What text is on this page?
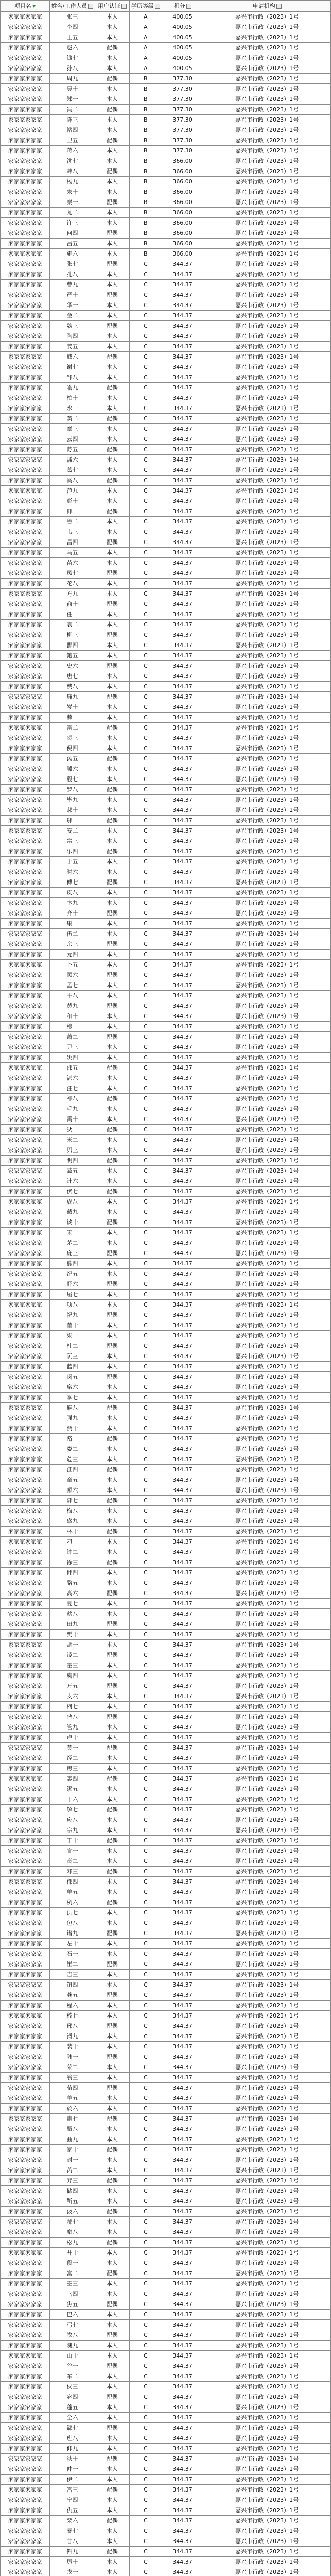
项目名	姓名/工作人员	用户认证	学历等级	积分	申请机构
家家家家家家	张三	本人	A	400.05	嘉兴市行政（2023）1号
家家家家家家	李四	本人	A	400.05	嘉兴市行政（2023）1号
家家家家家家	王五	本人	A	400.05	嘉兴市行政（2023）1号
家家家家家家	赵六	配偶	A	400.05	嘉兴市行政（2023）1号
家家家家家家	钱七	本人	A	400.05	嘉兴市行政（2023）1号
家家家家家家	孙八	本人	A	400.05	嘉兴市行政（2023）1号
家家家家家家	周九	配偶	B	377.30	嘉兴市行政（2023）1号
家家家家家家	吴十	本人	B	377.30	嘉兴市行政（2023）1号
家家家家家家	郑一	本人	B	377.30	嘉兴市行政（2023）1号
家家家家家家	冯二	配偶	B	377.30	嘉兴市行政（2023）1号
家家家家家家	陈三	本人	B	377.30	嘉兴市行政（2023）1号
家家家家家家	褚四	本人	B	377.30	嘉兴市行政（2023）1号
家家家家家家	卫五	配偶	B	377.30	嘉兴市行政（2023）1号
家家家家家家	蒋六	本人	B	377.30	嘉兴市行政（2023）1号
家家家家家家	沈七	本人	B	366.00	嘉兴市行政（2023）1号
家家家家家家	韩八	配偶	B	366.00	嘉兴市行政（2023）1号
家家家家家家	杨九	本人	B	366.00	嘉兴市行政（2023）1号
家家家家家家	朱十	本人	B	366.00	嘉兴市行政（2023）1号
家家家家家家	秦一	配偶	B	366.00	嘉兴市行政（2023）1号
家家家家家家	尤二	本人	B	366.00	嘉兴市行政（2023）1号
家家家家家家	许三	本人	B	366.00	嘉兴市行政（2023）1号
家家家家家家	何四	配偶	B	366.00	嘉兴市行政（2023）1号
家家家家家家	吕五	本人	B	366.00	嘉兴市行政（2023）1号
家家家家家家	施六	本人	B	366.00	嘉兴市行政（2023）1号
家家家家家家	张七	配偶	C	344.37	嘉兴市行政（2023）1号
家家家家家家	孔八	本人	C	344.37	嘉兴市行政（2023）1号
家家家家家家	曹九	本人	C	344.37	嘉兴市行政（2023）1号
家家家家家家	严十	配偶	C	344.37	嘉兴市行政（2023）1号
家家家家家家	华一	本人	C	344.37	嘉兴市行政（2023）1号
家家家家家家	金二	本人	C	344.37	嘉兴市行政（2023）1号
家家家家家家	魏三	配偶	C	344.37	嘉兴市行政（2023）1号
家家家家家家	陶四	本人	C	344.37	嘉兴市行政（2023）1号
家家家家家家	姜五	本人	C	344.37	嘉兴市行政（2023）1号
家家家家家家	戚六	配偶	C	344.37	嘉兴市行政（2023）1号
家家家家家家	谢七	本人	C	344.37	嘉兴市行政（2023）1号
家家家家家家	邹八	本人	C	344.37	嘉兴市行政（2023）1号
家家家家家家	喻九	配偶	C	344.37	嘉兴市行政（2023）1号
家家家家家家	柏十	本人	C	344.37	嘉兴市行政（2023）1号
家家家家家家	水一	本人	C	344.37	嘉兴市行政（2023）1号
家家家家家家	窦二	配偶	C	344.37	嘉兴市行政（2023）1号
家家家家家家	章三	本人	C	344.37	嘉兴市行政（2023）1号
家家家家家家	云四	本人	C	344.37	嘉兴市行政（2023）1号
家家家家家家	苏五	配偶	C	344.37	嘉兴市行政（2023）1号
家家家家家家	潘六	本人	C	344.37	嘉兴市行政（2023）1号
家家家家家家	葛七	本人	C	344.37	嘉兴市行政（2023）1号
家家家家家家	奚八	配偶	C	344.37	嘉兴市行政（2023）1号
家家家家家家	范九	本人	C	344.37	嘉兴市行政（2023）1号
家家家家家家	彭十	本人	C	344.37	嘉兴市行政（2023）1号
家家家家家家	郎一	配偶	C	344.37	嘉兴市行政（2023）1号
家家家家家家	鲁二	本人	C	344.37	嘉兴市行政（2023）1号
家家家家家家	韦三	本人	C	344.37	嘉兴市行政（2023）1号
家家家家家家	昌四	配偶	C	344.37	嘉兴市行政（2023）1号
家家家家家家	马五	本人	C	344.37	嘉兴市行政（2023）1号
家家家家家家	苗六	本人	C	344.37	嘉兴市行政（2023）1号
家家家家家家	凤七	配偶	C	344.37	嘉兴市行政（2023）1号
家家家家家家	花八	本人	C	344.37	嘉兴市行政（2023）1号
家家家家家家	方九	本人	C	344.37	嘉兴市行政（2023）1号
家家家家家家	俞十	配偶	C	344.37	嘉兴市行政（2023）1号
家家家家家家	任一	本人	C	344.37	嘉兴市行政（2023）1号
家家家家家家	袁二	本人	C	344.37	嘉兴市行政（2023）1号
家家家家家家	柳三	配偶	C	344.37	嘉兴市行政（2023）1号
家家家家家家	酆四	本人	C	344.37	嘉兴市行政（2023）1号
家家家家家家	鲍五	本人	C	344.37	嘉兴市行政（2023）1号
家家家家家家	史六	配偶	C	344.37	嘉兴市行政（2023）1号
家家家家家家	唐七	本人	C	344.37	嘉兴市行政（2023）1号
家家家家家家	费八	本人	C	344.37	嘉兴市行政（2023）1号
家家家家家家	廉九	配偶	C	344.37	嘉兴市行政（2023）1号
家家家家家家	岑十	本人	C	344.37	嘉兴市行政（2023）1号
家家家家家家	薛一	本人	C	344.37	嘉兴市行政（2023）1号
家家家家家家	雷二	配偶	C	344.37	嘉兴市行政（2023）1号
家家家家家家	贺三	本人	C	344.37	嘉兴市行政（2023）1号
家家家家家家	倪四	本人	C	344.37	嘉兴市行政（2023）1号
家家家家家家	汤五	配偶	C	344.37	嘉兴市行政（2023）1号
家家家家家家	滕六	本人	C	344.37	嘉兴市行政（2023）1号
家家家家家家	殷七	本人	C	344.37	嘉兴市行政（2023）1号
家家家家家家	罗八	配偶	C	344.37	嘉兴市行政（2023）1号
家家家家家家	毕九	本人	C	344.37	嘉兴市行政（2023）1号
家家家家家家	郝十	本人	C	344.37	嘉兴市行政（2023）1号
家家家家家家	邬一	配偶	C	344.37	嘉兴市行政（2023）1号
家家家家家家	安二	本人	C	344.37	嘉兴市行政（2023）1号
家家家家家家	常三	本人	C	344.37	嘉兴市行政（2023）1号
家家家家家家	乐四	配偶	C	344.37	嘉兴市行政（2023）1号
家家家家家家	于五	本人	C	344.37	嘉兴市行政（2023）1号
家家家家家家	时六	本人	C	344.37	嘉兴市行政（2023）1号
家家家家家家	傅七	配偶	C	344.37	嘉兴市行政（2023）1号
家家家家家家	皮八	本人	C	344.37	嘉兴市行政（2023）1号
家家家家家家	卞九	本人	C	344.37	嘉兴市行政（2023）1号
家家家家家家	齐十	配偶	C	344.37	嘉兴市行政（2023）1号
家家家家家家	康一	本人	C	344.37	嘉兴市行政（2023）1号
家家家家家家	伍二	本人	C	344.37	嘉兴市行政（2023）1号
家家家家家家	余三	配偶	C	344.37	嘉兴市行政（2023）1号
家家家家家家	元四	本人	C	344.37	嘉兴市行政（2023）1号
家家家家家家	卜五	本人	C	344.37	嘉兴市行政（2023）1号
家家家家家家	顾六	配偶	C	344.37	嘉兴市行政（2023）1号
家家家家家家	孟七	本人	C	344.37	嘉兴市行政（2023）1号
家家家家家家	平八	本人	C	344.37	嘉兴市行政（2023）1号
家家家家家家	黄九	配偶	C	344.37	嘉兴市行政（2023）1号
家家家家家家	和十	本人	C	344.37	嘉兴市行政（2023）1号
家家家家家家	穆一	本人	C	344.37	嘉兴市行政（2023）1号
家家家家家家	萧二	配偶	C	344.37	嘉兴市行政（2023）1号
家家家家家家	尹三	本人	C	344.37	嘉兴市行政（2023）1号
家家家家家家	姚四	本人	C	344.37	嘉兴市行政（2023）1号
家家家家家家	邵五	配偶	C	344.37	嘉兴市行政（2023）1号
家家家家家家	湛六	本人	C	344.37	嘉兴市行政（2023）1号
家家家家家家	汪七	本人	C	344.37	嘉兴市行政（2023）1号
家家家家家家	祁八	配偶	C	344.37	嘉兴市行政（2023）1号
家家家家家家	毛九	本人	C	344.37	嘉兴市行政（2023）1号
家家家家家家	禹十	本人	C	344.37	嘉兴市行政（2023）1号
家家家家家家	狄一	配偶	C	344.37	嘉兴市行政（2023）1号
家家家家家家	米二	本人	C	344.37	嘉兴市行政（2023）1号
家家家家家家	贝三	本人	C	344.37	嘉兴市行政（2023）1号
家家家家家家	明四	配偶	C	344.37	嘉兴市行政（2023）1号
家家家家家家	臧五	本人	C	344.37	嘉兴市行政（2023）1号
家家家家家家	计六	本人	C	344.37	嘉兴市行政（2023）1号
家家家家家家	伏七	配偶	C	344.37	嘉兴市行政（2023）1号
家家家家家家	成八	本人	C	344.37	嘉兴市行政（2023）1号
家家家家家家	戴九	本人	C	344.37	嘉兴市行政（2023）1号
家家家家家家	谈十	配偶	C	344.37	嘉兴市行政（2023）1号
家家家家家家	宋一	本人	C	344.37	嘉兴市行政（2023）1号
家家家家家家	茅二	本人	C	344.37	嘉兴市行政（2023）1号
家家家家家家	庞三	配偶	C	344.37	嘉兴市行政（2023）1号
家家家家家家	熊四	本人	C	344.37	嘉兴市行政（2023）1号
家家家家家家	纪五	本人	C	344.37	嘉兴市行政（2023）1号
家家家家家家	舒六	配偶	C	344.37	嘉兴市行政（2023）1号
家家家家家家	屈七	本人	C	344.37	嘉兴市行政（2023）1号
家家家家家家	项八	本人	C	344.37	嘉兴市行政（2023）1号
家家家家家家	祝九	配偶	C	344.37	嘉兴市行政（2023）1号
家家家家家家	董十	本人	C	344.37	嘉兴市行政（2023）1号
家家家家家家	梁一	本人	C	344.37	嘉兴市行政（2023）1号
家家家家家家	杜二	配偶	C	344.37	嘉兴市行政（2023）1号
家家家家家家	阮三	本人	C	344.37	嘉兴市行政（2023）1号
家家家家家家	蓝四	本人	C	344.37	嘉兴市行政（2023）1号
家家家家家家	闵五	配偶	C	344.37	嘉兴市行政（2023）1号
家家家家家家	席六	本人	C	344.37	嘉兴市行政（2023）1号
家家家家家家	季七	本人	C	344.37	嘉兴市行政（2023）1号
家家家家家家	麻八	配偶	C	344.37	嘉兴市行政（2023）1号
家家家家家家	强九	本人	C	344.37	嘉兴市行政（2023）1号
家家家家家家	贾十	本人	C	344.37	嘉兴市行政（2023）1号
家家家家家家	路一	配偶	C	344.37	嘉兴市行政（2023）1号
家家家家家家	娄二	本人	C	344.37	嘉兴市行政（2023）1号
家家家家家家	危三	本人	C	344.37	嘉兴市行政（2023）1号
家家家家家家	江四	配偶	C	344.37	嘉兴市行政（2023）1号
家家家家家家	童五	本人	C	344.37	嘉兴市行政（2023）1号
家家家家家家	颜六	本人	C	344.37	嘉兴市行政（2023）1号
家家家家家家	郭七	配偶	C	344.37	嘉兴市行政（2023）1号
家家家家家家	梅八	本人	C	344.37	嘉兴市行政（2023）1号
家家家家家家	盛九	本人	C	344.37	嘉兴市行政（2023）1号
家家家家家家	林十	配偶	C	344.37	嘉兴市行政（2023）1号
家家家家家家	刁一	本人	C	344.37	嘉兴市行政（2023）1号
家家家家家家	钟二	本人	C	344.37	嘉兴市行政（2023）1号
家家家家家家	徐三	配偶	C	344.37	嘉兴市行政（2023）1号
家家家家家家	邱四	本人	C	344.37	嘉兴市行政（2023）1号
家家家家家家	骆五	本人	C	344.37	嘉兴市行政（2023）1号
家家家家家家	高六	配偶	C	344.37	嘉兴市行政（2023）1号
家家家家家家	夏七	本人	C	344.37	嘉兴市行政（2023）1号
家家家家家家	蔡八	本人	C	344.37	嘉兴市行政（2023）1号
家家家家家家	田九	配偶	C	344.37	嘉兴市行政（2023）1号
家家家家家家	樊十	本人	C	344.37	嘉兴市行政（2023）1号
家家家家家家	胡一	本人	C	344.37	嘉兴市行政（2023）1号
家家家家家家	凌二	配偶	C	344.37	嘉兴市行政（2023）1号
家家家家家家	霍三	本人	C	344.37	嘉兴市行政（2023）1号
家家家家家家	虞四	本人	C	344.37	嘉兴市行政（2023）1号
家家家家家家	万五	配偶	C	344.37	嘉兴市行政（2023）1号
家家家家家家	支六	本人	C	344.37	嘉兴市行政（2023）1号
家家家家家家	柯七	本人	C	344.37	嘉兴市行政（2023）1号
家家家家家家	昝八	配偶	C	344.37	嘉兴市行政（2023）1号
家家家家家家	管九	本人	C	344.37	嘉兴市行政（2023）1号
家家家家家家	卢十	本人	C	344.37	嘉兴市行政（2023）1号
家家家家家家	莫一	配偶	C	344.37	嘉兴市行政（2023）1号
家家家家家家	经二	本人	C	344.37	嘉兴市行政（2023）1号
家家家家家家	房三	本人	C	344.37	嘉兴市行政（2023）1号
家家家家家家	裘四	配偶	C	344.37	嘉兴市行政（2023）1号
家家家家家家	缪五	本人	C	344.37	嘉兴市行政（2023）1号
家家家家家家	干六	本人	C	344.37	嘉兴市行政（2023）1号
家家家家家家	解七	配偶	C	344.37	嘉兴市行政（2023）1号
家家家家家家	应八	本人	C	344.37	嘉兴市行政（2023）1号
家家家家家家	宗九	本人	C	344.37	嘉兴市行政（2023）1号
家家家家家家	丁十	配偶	C	344.37	嘉兴市行政（2023）1号
家家家家家家	宣一	本人	C	344.37	嘉兴市行政（2023）1号
家家家家家家	贲二	本人	C	344.37	嘉兴市行政（2023）1号
家家家家家家	邓三	配偶	C	344.37	嘉兴市行政（2023）1号
家家家家家家	郁四	本人	C	344.37	嘉兴市行政（2023）1号
家家家家家家	单五	本人	C	344.37	嘉兴市行政（2023）1号
家家家家家家	杭六	配偶	C	344.37	嘉兴市行政（2023）1号
家家家家家家	洪七	本人	C	344.37	嘉兴市行政（2023）1号
家家家家家家	包八	本人	C	344.37	嘉兴市行政（2023）1号
家家家家家家	诸九	配偶	C	344.37	嘉兴市行政（2023）1号
家家家家家家	左十	本人	C	344.37	嘉兴市行政（2023）1号
家家家家家家	石一	本人	C	344.37	嘉兴市行政（2023）1号
家家家家家家	崔二	配偶	C	344.37	嘉兴市行政（2023）1号
家家家家家家	吉三	本人	C	344.37	嘉兴市行政（2023）1号
家家家家家家	钮四	本人	C	344.37	嘉兴市行政（2023）1号
家家家家家家	龚五	配偶	C	344.37	嘉兴市行政（2023）1号
家家家家家家	程六	本人	C	344.37	嘉兴市行政（2023）1号
家家家家家家	嵇七	本人	C	344.37	嘉兴市行政（2023）1号
家家家家家家	邢八	配偶	C	344.37	嘉兴市行政（2023）1号
家家家家家家	滑九	本人	C	344.37	嘉兴市行政（2023）1号
家家家家家家	裴十	本人	C	344.37	嘉兴市行政（2023）1号
家家家家家家	陆一	配偶	C	344.37	嘉兴市行政（2023）1号
家家家家家家	荣二	本人	C	344.37	嘉兴市行政（2023）1号
家家家家家家	翁三	本人	C	344.37	嘉兴市行政（2023）1号
家家家家家家	荀四	配偶	C	344.37	嘉兴市行政（2023）1号
家家家家家家	羊五	本人	C	344.37	嘉兴市行政（2023）1号
家家家家家家	於六	本人	C	344.37	嘉兴市行政（2023）1号
家家家家家家	惠七	配偶	C	344.37	嘉兴市行政（2023）1号
家家家家家家	甄八	本人	C	344.37	嘉兴市行政（2023）1号
家家家家家家	曲九	本人	C	344.37	嘉兴市行政（2023）1号
家家家家家家	家十	配偶	C	344.37	嘉兴市行政（2023）1号
家家家家家家	封一	本人	C	344.37	嘉兴市行政（2023）1号
家家家家家家	芮二	本人	C	344.37	嘉兴市行政（2023）1号
家家家家家家	羿三	配偶	C	344.37	嘉兴市行政（2023）1号
家家家家家家	储四	本人	C	344.37	嘉兴市行政（2023）1号
家家家家家家	靳五	本人	C	344.37	嘉兴市行政（2023）1号
家家家家家家	汲六	配偶	C	344.37	嘉兴市行政（2023）1号
家家家家家家	邴七	本人	C	344.37	嘉兴市行政（2023）1号
家家家家家家	糜八	本人	C	344.37	嘉兴市行政（2023）1号
家家家家家家	松九	配偶	C	344.37	嘉兴市行政（2023）1号
家家家家家家	井十	本人	C	344.37	嘉兴市行政（2023）1号
家家家家家家	段一	本人	C	344.37	嘉兴市行政（2023）1号
家家家家家家	富二	配偶	C	344.37	嘉兴市行政（2023）1号
家家家家家家	巫三	本人	C	344.37	嘉兴市行政（2023）1号
家家家家家家	乌四	本人	C	344.37	嘉兴市行政（2023）1号
家家家家家家	焦五	配偶	C	344.37	嘉兴市行政（2023）1号
家家家家家家	巴六	本人	C	344.37	嘉兴市行政（2023）1号
家家家家家家	弓七	本人	C	344.37	嘉兴市行政（2023）1号
家家家家家家	牧八	配偶	C	344.37	嘉兴市行政（2023）1号
家家家家家家	隗九	本人	C	344.37	嘉兴市行政（2023）1号
家家家家家家	山十	本人	C	344.37	嘉兴市行政（2023）1号
家家家家家家	谷一	配偶	C	344.37	嘉兴市行政（2023）1号
家家家家家家	车二	本人	C	344.37	嘉兴市行政（2023）1号
家家家家家家	侯三	本人	C	344.37	嘉兴市行政（2023）1号
家家家家家家	宓四	配偶	C	344.37	嘉兴市行政（2023）1号
家家家家家家	蓬五	本人	C	344.37	嘉兴市行政（2023）1号
家家家家家家	全六	本人	C	344.37	嘉兴市行政（2023）1号
家家家家家家	郗七	配偶	C	344.37	嘉兴市行政（2023）1号
家家家家家家	班八	本人	C	344.37	嘉兴市行政（2023）1号
家家家家家家	仰九	本人	C	344.37	嘉兴市行政（2023）1号
家家家家家家	秋十	配偶	C	344.37	嘉兴市行政（2023）1号
家家家家家家	仲一	本人	C	344.37	嘉兴市行政（2023）1号
家家家家家家	伊二	本人	C	344.37	嘉兴市行政（2023）1号
家家家家家家	宫三	配偶	C	344.37	嘉兴市行政（2023）1号
家家家家家家	宁四	本人	C	344.37	嘉兴市行政（2023）1号
家家家家家家	仇五	本人	C	344.37	嘉兴市行政（2023）1号
家家家家家家	栾六	配偶	C	344.37	嘉兴市行政（2023）1号
家家家家家家	暴七	本人	C	344.37	嘉兴市行政（2023）1号
家家家家家家	甘八	本人	C	344.37	嘉兴市行政（2023）1号
家家家家家家	钭九	配偶	C	344.37	嘉兴市行政（2023）1号
家家家家家家	厉十	本人	C	344.37	嘉兴市行政（2023）1号
家家家家家家	戎一	本人	C	344.37	嘉兴市行政（2023）1号
